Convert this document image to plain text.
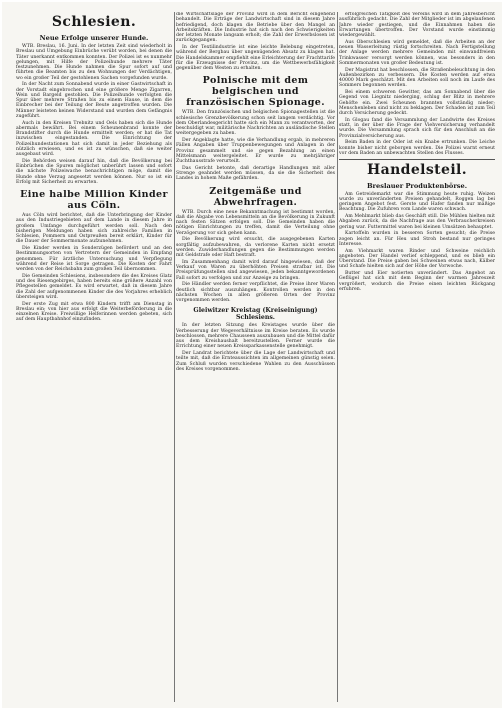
Schlesien.
Neue Erfolge unserer Hunde.

WTB. Breslau, 16. Juni. In der letzten Zeit sind wiederholt in Breslau und Umgebung Einbrüche verübt worden, bei denen die Täter unerkannt entkommen konnten. Der Polizei ist es nunmehr gelungen, mit Hilfe der Polizeihunde mehrere Täter festzunehmen. Die Hunde nahmen die Spur sofort auf und führten die Beamten bis zu den Wohnungen der Verdächtigen, wo ein großer Teil der gestohlenen Sachen vorgefunden wurde.

In der Nacht zum Sonnabend wurde in einer Gastwirtschaft in der Vorstadt eingebrochen und eine größere Menge Zigarren, Wein und Bargeld gestohlen. Die Polizeihunde verfolgten die Spur über mehrere Straßen bis zu einem Hause, in dem die Einbrecher bei der Teilung der Beute angetroffen wurden. Die Männer leisteten keinen Widerstand und wurden dem Gefängnis zugeführt.

Auch in den Kreisen Trebnitz und Oels haben sich die Hunde abermals bewährt. Bei einem Scheunenbrand konnte der Brandstifter durch die Hunde ermittelt werden; er hat die Tat inzwischen eingestanden. Die Einrichtung der Polizeihundestationen hat sich damit in jeder Beziehung als nützlich erwiesen, und es ist zu wünschen, daß sie weiter ausgebaut wird.

Die Behörden weisen darauf hin, daß die Bevölkerung bei Einbrüchen die Spuren möglichst unberührt lassen und sofort die nächste Polizeiwache benachrichtigen möge, damit die Hunde ohne Verzug angesetzt werden können. Nur so ist ein Erfolg mit Sicherheit zu erwarten.

Eine halbe Million Kinder aus Cöln.

Aus Cöln wird berichtet, daß die Unterbringung der Kinder aus den Industriegebieten auf dem Lande in diesem Jahre in großem Umfange durchgeführt werden soll. Nach den bisherigen Meldungen haben sich zahlreiche Familien in Schlesien, Pommern und Ostpreußen bereit erklärt, Kinder für die Dauer der Sommermonate aufzunehmen.

Die Kinder werden in Sonderzügen befördert und an den Bestimmungsorten von Vertretern der Gemeinden in Empfang genommen. Für ärztliche Untersuchung und Verpflegung während der Reise ist Sorge getragen. Die Kosten der Fahrt werden von der Reichsbahn zum großen Teil übernommen.

Die Gemeinden Schlesiens, insbesondere die des Kreises Glatz und des Riesengebirges, haben bereits eine größere Anzahl von Pflegestellen gemeldet. Es wird erwartet, daß in diesem Jahre die Zahl der aufgenommenen Kinder die des Vorjahres erheblich übersteigen wird.

Der erste Zug mit etwa 800 Kindern trifft am Dienstag in Breslau ein; von hier aus erfolgt die Weiterbeförderung in die einzelnen Kreise. Freiwillige Helferinnen werden gebeten, sich auf dem Hauptbahnhof einzufinden.

die Wirtschaftslage der Provinz wird in dem Bericht eingehend behandelt. Die Erträge der Landwirtschaft sind in diesem Jahre befriedigend, doch klagen die Betriebe über den Mangel an Arbeitskräften. Die Industrie hat sich nach den Schwierigkeiten der letzten Monate langsam erholt; die Zahl der Erwerbslosen ist zurückgegangen.

In der Textilindustrie ist eine leichte Belebung eingetreten, während der Bergbau über ungenügenden Absatz zu klagen hat. Die Handelskammer empfiehlt eine Erleichterung der Frachttarife für die Erzeugnisse der Provinz, um die Wettbewerbsfähigkeit gegenüber dem Westen zu erhalten.

Polnische mit dem belgischen und französischen Spionage.

WTB. Den französischen und belgischen Spionagestellen ist die schlesische Grenzbevölkerung schon seit langem verdächtig. Vor dem Oberlandesgericht hatte sich ein Mann zu verantworten, der beschuldigt war, militärische Nachrichten an ausländische Stellen weitergegeben zu haben.

Der Angeklagte hatte, wie die Verhandlung ergab, in mehreren Fällen Angaben über Truppenbewegungen und Anlagen in der Provinz gesammelt und sie gegen Bezahlung an einen Mittelsmann weitergeleitet. Er wurde zu mehrjähriger Zuchthausstrafe verurteilt.

Das Gericht betonte, daß derartige Handlungen mit aller Strenge geahndet werden müssen, da sie die Sicherheit des Landes in hohem Maße gefährden.

Zeitgemäße und Abwehrfragen.

WTB. Durch eine neue Bekanntmachung ist bestimmt worden, daß die Abgabe von Lebensmitteln an die Bevölkerung in Zukunft nach festen Sätzen erfolgen soll. Die Gemeinden haben die nötigen Einrichtungen zu treffen, damit die Verteilung ohne Verzögerung vor sich gehen kann.

Die Bevölkerung wird ersucht, die ausgegebenen Karten sorgfältig aufzubewahren, da verlorene Karten nicht ersetzt werden. Zuwiderhandlungen gegen die Bestimmungen werden mit Geldstrafe oder Haft bestraft.

Im Zusammenhang damit wird darauf hingewiesen, daß der Verkauf von Waren zu überhöhten Preisen strafbar ist. Die Preisprüfungsstellen sind angewiesen, jeden bekanntgewordenen Fall sofort zu verfolgen und zur Anzeige zu bringen.

Die Händler werden ferner verpflichtet, die Preise ihrer Waren deutlich sichtbar auszuhängen. Kontrollen werden in den nächsten Wochen in allen größeren Orten der Provinz vorgenommen werden.

Gleiwitzer Kreistag (Kreiseinigung) Schlesiens.

In der letzten Sitzung des Kreistages wurde über die Verbesserung der Wegeverhältnisse im Kreise beraten. Es wurde beschlossen, mehrere Chausseen auszubauen und die Mittel dafür aus dem Kreishaushalt bereitzustellen. Ferner wurde die Errichtung einer neuen Kreissparkassenstelle genehmigt.

Der Landrat berichtete über die Lage der Landwirtschaft und teilte mit, daß die Ernteaussichten im allgemeinen günstig seien. Zum Schluß wurden verschiedene Wahlen zu den Ausschüssen des Kreises vorgenommen.

erfolgreichen Tätigkeit des Vereins wird in dem Jahresbericht ausführlich gedacht. Die Zahl der Mitglieder ist im abgelaufenen Jahre wieder gestiegen, und die Einnahmen haben die Erwartungen übertroffen. Der Vorstand wurde einstimmig wiedergewählt.

Aus Oberschlesien wird gemeldet, daß die Arbeiten an der neuen Wasserleitung rüstig fortschreiten. Nach Fertigstellung der Anlage werden mehrere Gemeinden mit einwandfreiem Trinkwasser versorgt werden können, was besonders in den Sommermonaten von großer Bedeutung ist.

Der Magistrat hat beschlossen, die Straßenbeleuchtung in den Außenbezirken zu verbessern. Die Kosten werden auf etwa 40000 Mark geschätzt. Mit den Arbeiten soll noch im Laufe des Sommers begonnen werden.

Bei einem schweren Gewitter, das am Sonnabend über die Gegend von Liegnitz niederging, schlug der Blitz in mehrere Gehöfte ein. Zwei Scheunen brannten vollständig nieder; Menschenleben sind nicht zu beklagen. Der Schaden ist zum Teil durch Versicherung gedeckt.

In Glogau fand die Versammlung der Landwirte des Kreises statt, in der über die Frage der Viehversicherung verhandelt wurde. Die Versammlung sprach sich für den Anschluß an die Provinzialversicherung aus.

Beim Baden in der Oder ist ein Knabe ertrunken. Die Leiche konnte bisher nicht geborgen werden. Die Polizei warnt erneut vor dem Baden an unbewachten Stellen des Flusses.

Handelsteil.
Breslauer Produktenbörse.

Am Getreidemarkt war die Stimmung heute ruhig. Weizen wurde zu unveränderten Preisen gehandelt, Roggen lag bei geringem Angebot fest. Gerste und Hafer fanden nur mäßige Beachtung. Die Zufuhren vom Lande waren schwach.

Am Mehlmarkt blieb das Geschäft still. Die Mühlen hielten mit Abgaben zurück, da die Nachfrage aus den Verbraucherkreisen gering war. Futtermittel waren bei kleinen Umsätzen behauptet.

Kartoffeln wurden in besseren Sorten gesucht; die Preise zogen leicht an. Für Heu und Stroh bestand nur geringes Interesse.

Am Viehmarkt waren Rinder und Schweine reichlich angeboten. Der Handel verlief schleppend, und es blieb ein Überstand. Die Preise gaben bei Schweinen etwas nach, Kälber und Schafe hielten sich auf der Höhe der Vorwoche.

Butter und Eier notierten unverändert. Das Angebot an Geflügel hat sich mit dem Beginn der warmen Jahreszeit vergrößert, wodurch die Preise einen leichten Rückgang erfuhren.
